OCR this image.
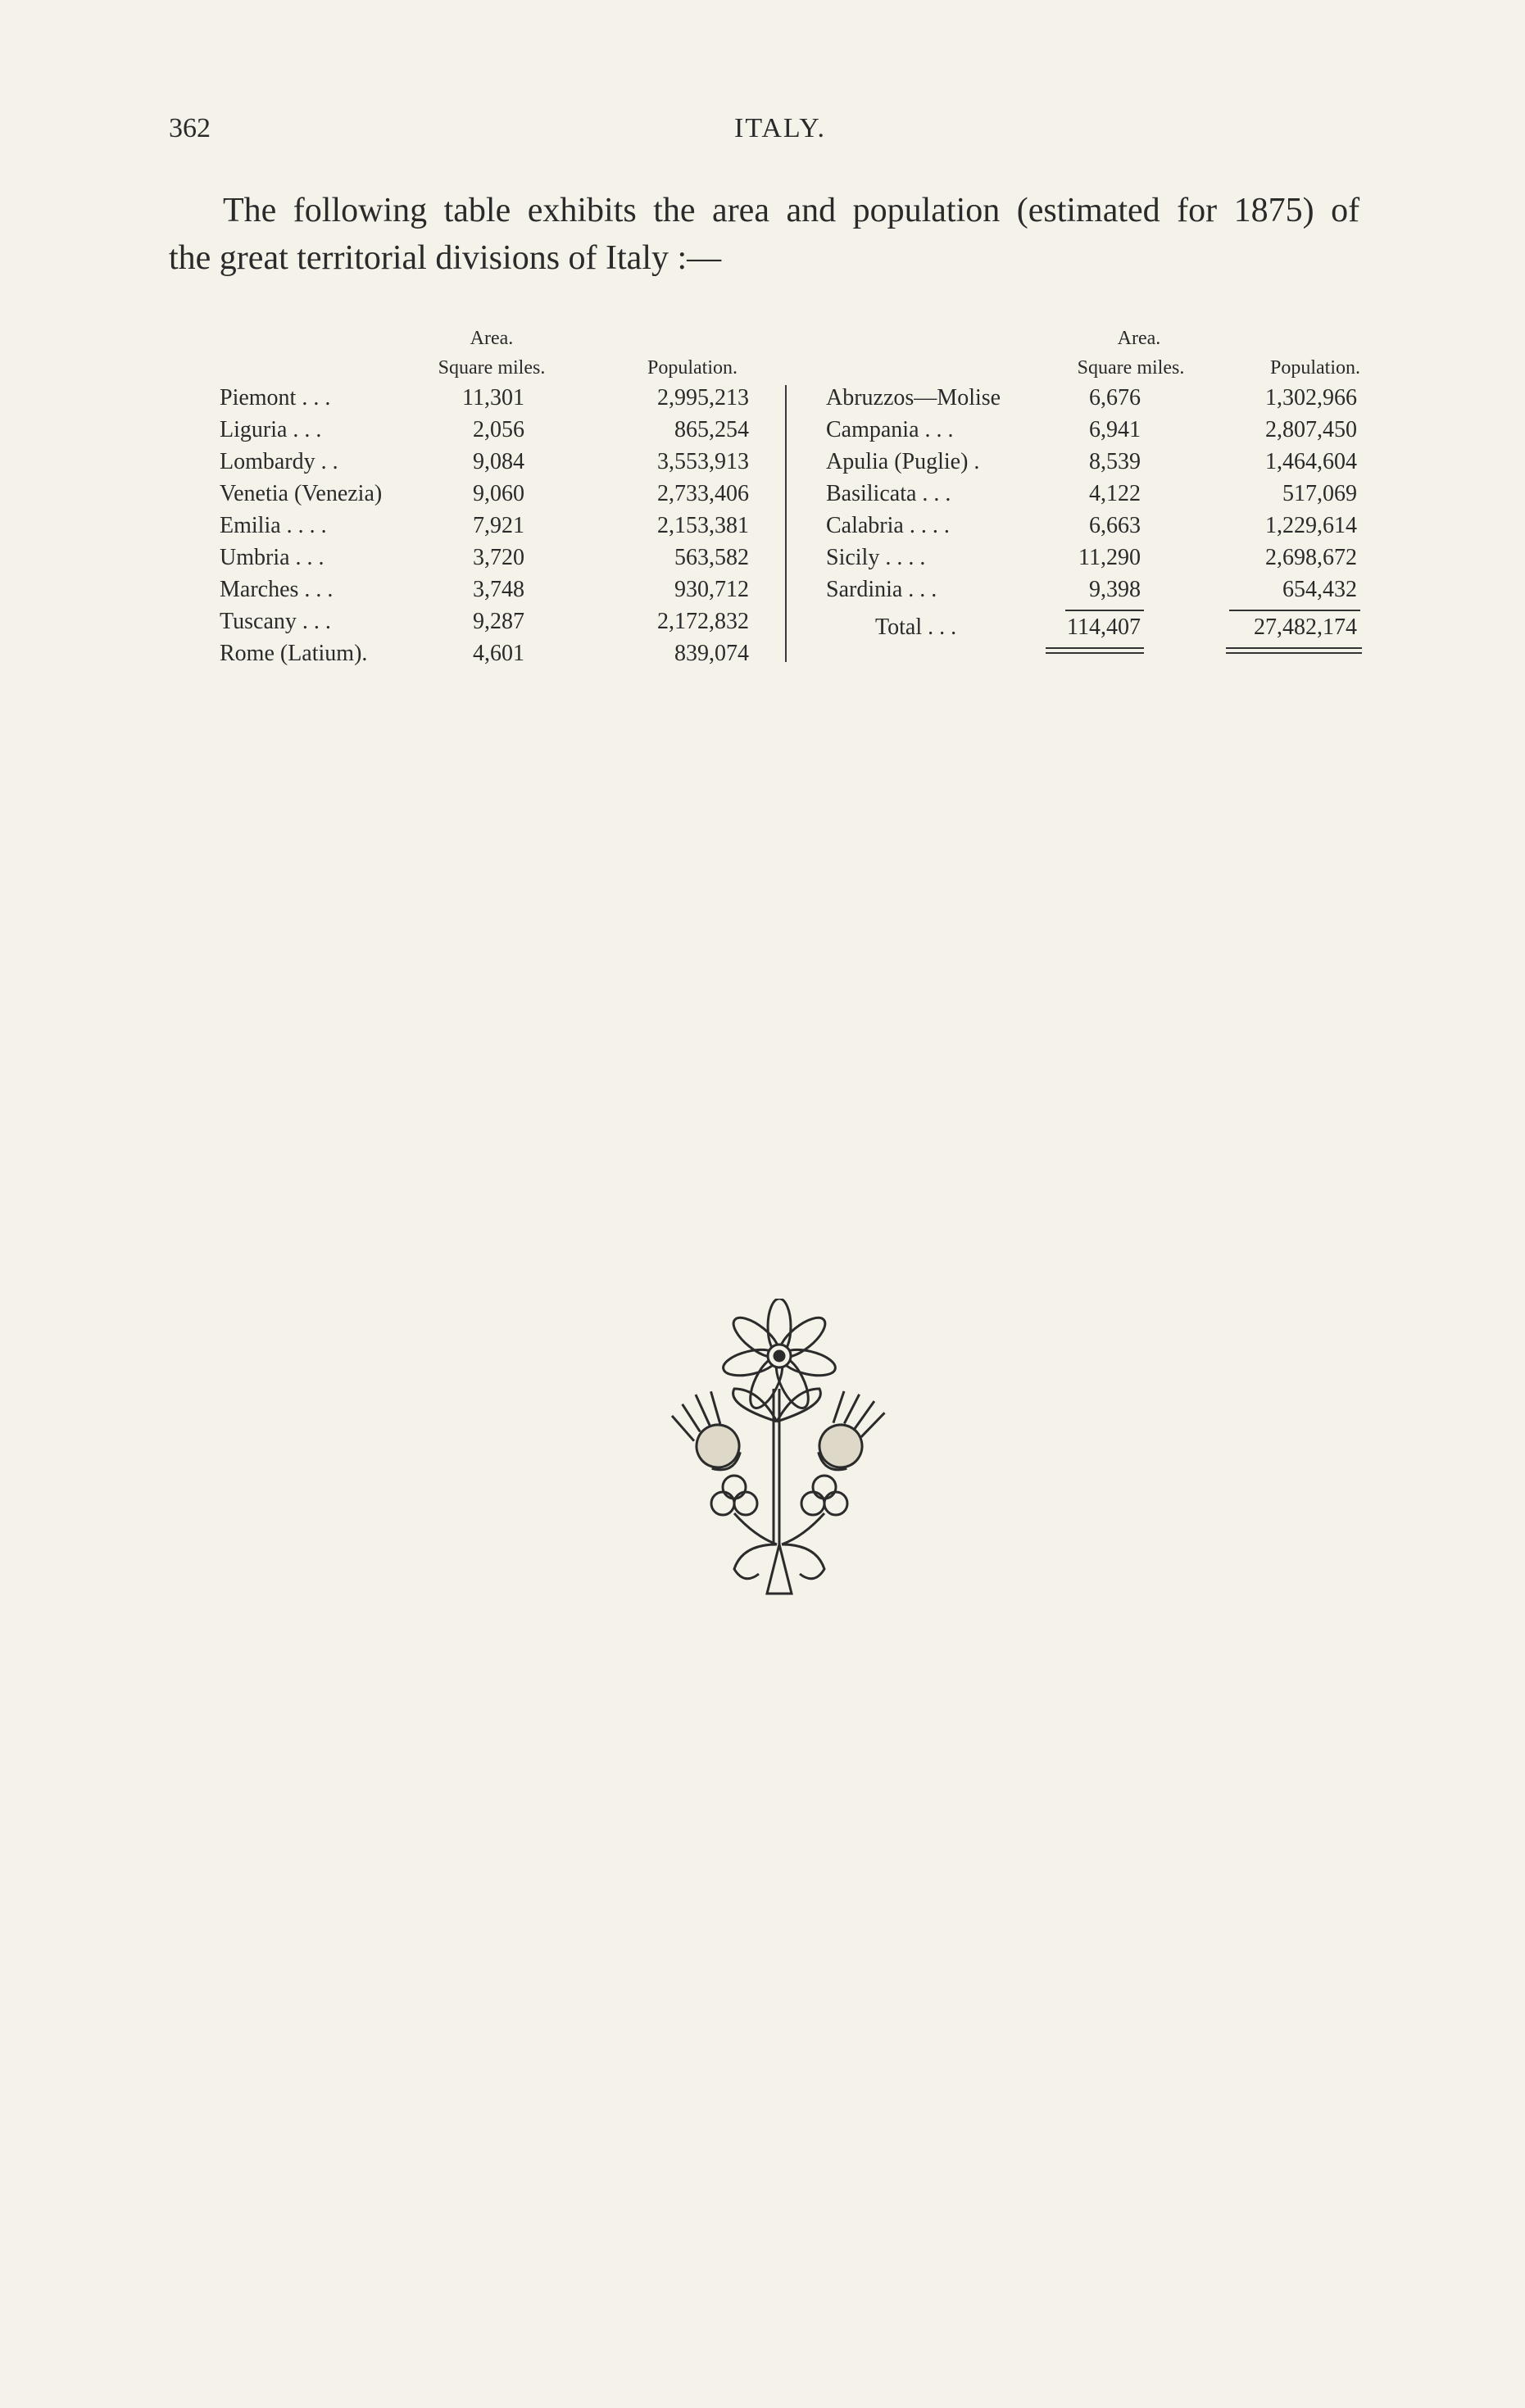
362	ITALY.
The following table exhibits the area and population (estimated for 1875) of
the great territorial divisions of Italy :—
Area.
Square miles.	Population.
Area.
Square miles.	Population.
Piemont . . .	11,301	2,995,213
Liguria . . .	2,056	865,254
Lombardy . .	9,084	3,553,913
Venetia (Venezia)	9,060	2,733,406
Emilia . . . .	7,921	2,153,381
Umbria . . .	3,720	563,582
Marches . . .	3,748	930,712
Tuscany . . .	9,287	2,172,832
Rome (Latium).	4,601	839,074
Abruzzos—Molise	6,676	1,302,966
Campania . . .	6,941	2,807,450
Apulia (Puglie) .	8,539	1,464,604
Basilicata . . .	4,122	517,069
Calabria . . . .	6,663	1,229,614
Sicily . . . .	11,290	2,698,672
Sardinia . . .	9,398	654,432
Total . . .	114,407	27,482,174
